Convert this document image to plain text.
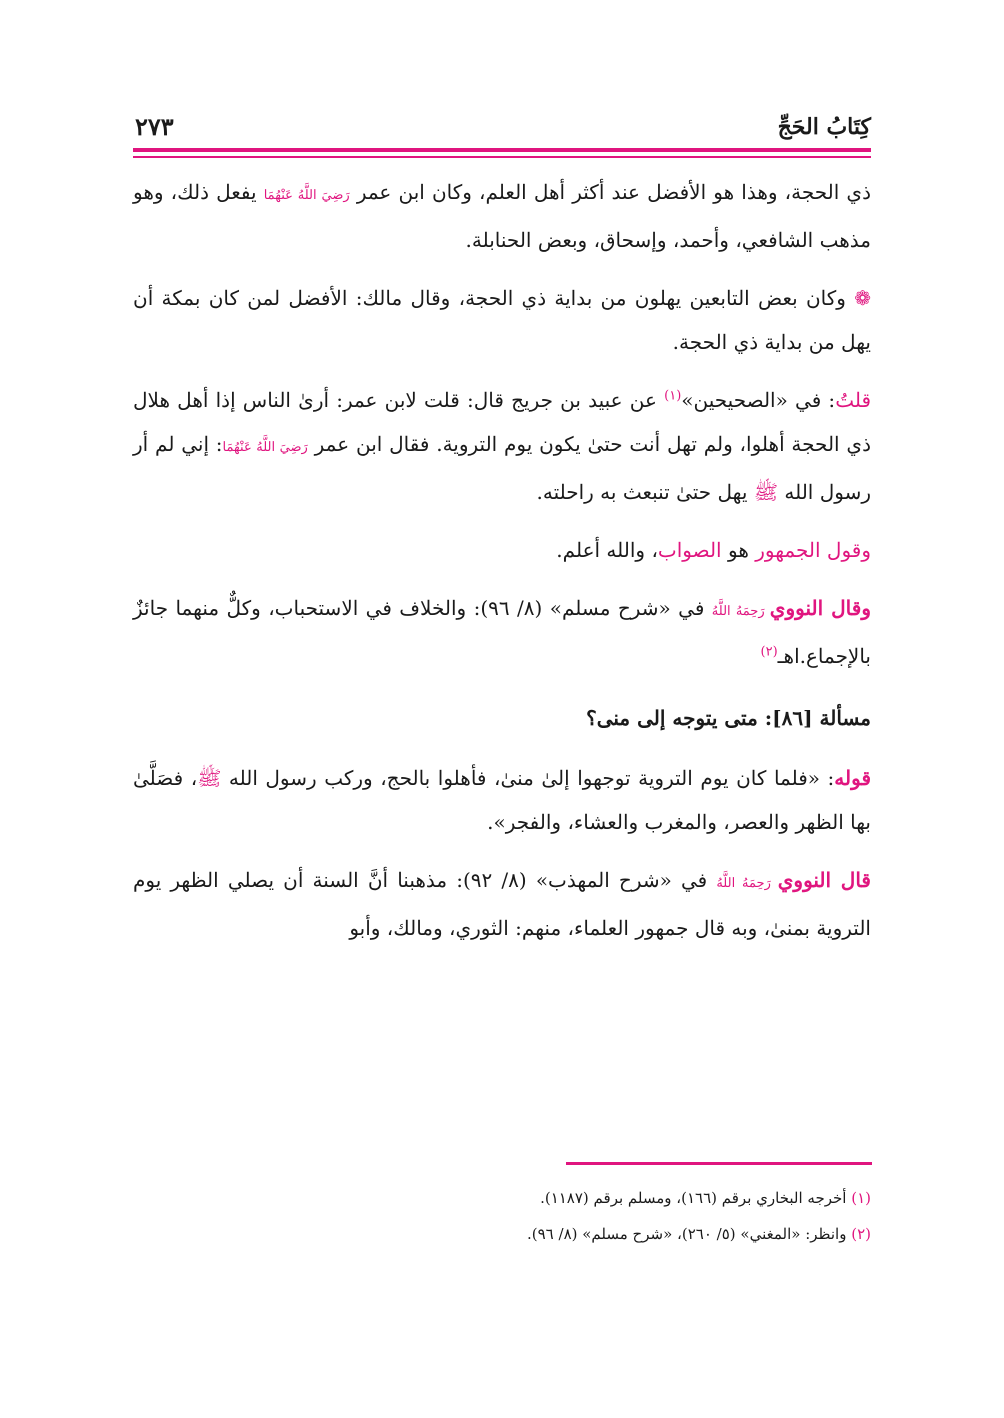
كِتَابُ الحَجِّ
٢٧٣

ذي الحجة، وهذا هو الأفضل عند أكثر أهل العلم، وكان ابن عمر رَضِيَ اللَّهُ عَنْهُمَا يفعل ذلك، وهو مذهب الشافعي، وأحمد، وإسحاق، وبعض الحنابلة.

❁ وكان بعض التابعين يهلون من بداية ذي الحجة، وقال مالك: الأفضل لمن كان بمكة أن يهل من بداية ذي الحجة.

قلتُ: في «الصحيحين»$^{(١)}$ عن عبيد بن جريج قال: قلت لابن عمر: أرىٰ الناس إذا أهل هلال ذي الحجة أهلوا، ولم تهل أنت حتىٰ يكون يوم التروية. فقال ابن عمر رَضِيَ اللَّهُ عَنْهُمَا: إني لم أر رسول الله ﷺ يهل حتىٰ تنبعث به راحلته.

وقول الجمهور هو الصواب، والله أعلم.

وقال النووي رَحِمَهُ اللَّهُ في «شرح مسلم» (٨/ ٩٦): والخلاف في الاستحباب، وكلٌّ منهما جائزٌ بالإجماع.اهـ$^{(٢)}$

مسألة [٨٦]: متى يتوجه إلى منى؟

قوله: «فلما كان يوم التروية توجهوا إلىٰ منىٰ، فأهلوا بالحج، وركب رسول الله ﷺ، فصَلَّىٰ بها الظهر والعصر، والمغرب والعشاء، والفجر».

قال النووي رَحِمَهُ اللَّهُ في «شرح المهذب» (٨/ ٩٢): مذهبنا أنَّ السنة أن يصلي الظهر يوم التروية بمنىٰ، وبه قال جمهور العلماء، منهم: الثوري، ومالك، وأبو

(١) أخرجه البخاري برقم (١٦٦)، ومسلم برقم (١١٨٧).
(٢) وانظر: «المغني» (٥/ ٢٦٠)، «شرح مسلم» (٨/ ٩٦).
